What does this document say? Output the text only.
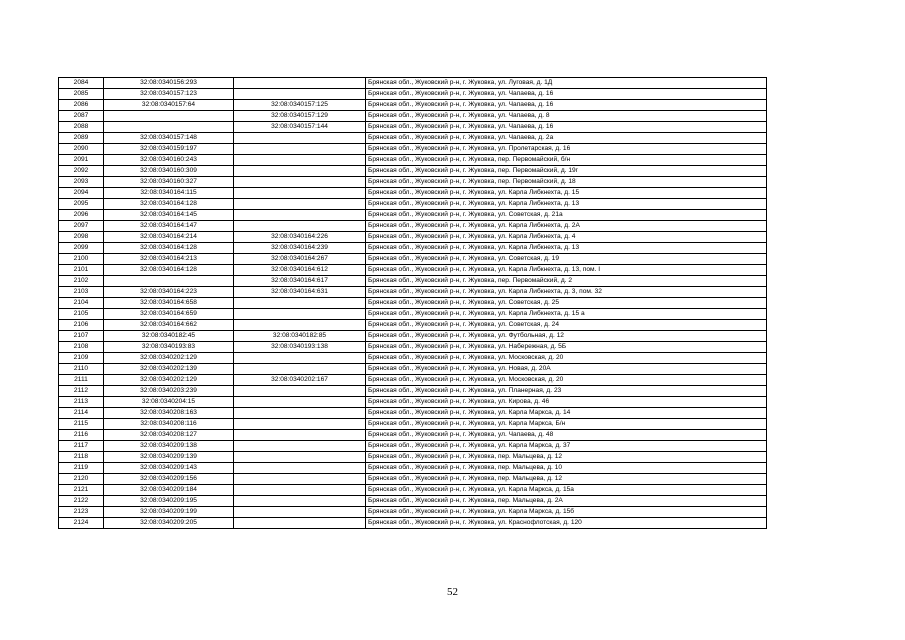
2084	32:08:0340156:293		Брянская обл., Жуковский р-н, г. Жуковка, ул. Луговая, д. 1Д
2085	32:08:0340157:123		Брянская обл., Жуковский р-н, г. Жуковка, ул. Чапаева, д. 16
2086	32:08:0340157:64	32:08:0340157:125	Брянская обл., Жуковский р-н, г. Жуковка, ул. Чапаева, д. 16
2087		32:08:0340157:129	Брянская обл., Жуковский р-н, г. Жуковка, ул. Чапаева, д. 8
2088		32:08:0340157:144	Брянская обл., Жуковский р-н, г. Жуковка, ул. Чапаева, д. 16
2089	32:08:0340157:148		Брянская обл., Жуковский р-н, г. Жуковка, ул. Чапаева, д. 2а
2090	32:08:0340159:197		Брянская обл., Жуковский р-н, г. Жуковка, ул. Пролетарская, д. 16
2091	32:08:0340160:243		Брянская обл., Жуковский р-н, г. Жуковка, пер. Первомайский, б/н
2092	32:08:0340160:309		Брянская обл., Жуковский р-н, г. Жуковка, пер. Первомайский, д. 19г
2093	32:08:0340160:327		Брянская обл., Жуковский р-н, г. Жуковка, пер. Первомайский, д. 18
2094	32:08:0340164:115		Брянская обл., Жуковский р-н, г. Жуковка, ул. Карла Либкнехта, д. 15
2095	32:08:0340164:128		Брянская обл., Жуковский р-н, г. Жуковка, ул. Карла Либкнехта, д. 13
2096	32:08:0340164:145		Брянская обл., Жуковский р-н, г. Жуковка, ул. Советская, д. 21а
2097	32:08:0340164:147		Брянская обл., Жуковский р-н, г. Жуковка, ул. Карла Либкнехта, д. 2А
2098	32:08:0340164:214	32:08:0340164:226	Брянская обл., Жуковский р-н, г. Жуковка, ул. Карла Либкнехта, д. 4
2099	32:08:0340164:128	32:08:0340164:239	Брянская обл., Жуковский р-н, г. Жуковка, ул. Карла Либкнехта, д. 13
2100	32:08:0340164:213	32:08:0340164:267	Брянская обл., Жуковский р-н, г. Жуковка, ул. Советская, д. 19
2101	32:08:0340164:128	32:08:0340164:612	Брянская обл., Жуковский р-н, г. Жуковка, ул. Карла Либкнехта, д. 13, пом. I
2102		32:08:0340164:617	Брянская обл., Жуковский р-н, г. Жуковка, пер. Первомайский, д. 2
2103	32:08:0340164:223	32:08:0340164:631	Брянская обл., Жуковский р-н, г. Жуковка, ул. Карла Либкнехта, д. 3, пом. 32
2104	32:08:0340164:658		Брянская обл., Жуковский р-н, г. Жуковка, ул. Советская, д. 25
2105	32:08:0340164:659		Брянская обл., Жуковский р-н, г. Жуковка, ул. Карла Либкнехта, д. 15 а
2106	32:08:0340164:662		Брянская обл., Жуковский р-н, г. Жуковка, ул. Советская, д. 24
2107	32:08:0340182:45	32:08:0340182:85	Брянская обл., Жуковский р-н, г. Жуковка, ул. Футбольная, д. 12
2108	32:08:0340193:83	32:08:0340193:138	Брянская обл., Жуковский р-н, г. Жуковка, ул. Набережная, д. 5Б
2109	32:08:0340202:129		Брянская обл., Жуковский р-н, г. Жуковка, ул. Московская, д. 20
2110	32:08:0340202:139		Брянская обл., Жуковский р-н, г. Жуковка, ул. Новая, д. 20А
2111	32:08:0340202:129	32:08:0340202:167	Брянская обл., Жуковский р-н, г. Жуковка, ул. Московская, д. 20
2112	32:08:0340203:239		Брянская обл., Жуковский р-н, г. Жуковка, ул. Планерная, д. 23
2113	32:08:0340204:15		Брянская обл., Жуковский р-н, г. Жуковка, ул. Кирова, д. 46
2114	32:08:0340208:163		Брянская обл., Жуковский р-н, г. Жуковка, ул. Карла Маркса, д. 14
2115	32:08:0340208:116		Брянская обл., Жуковский р-н, г. Жуковка, ул. Карла Маркса, Б/н
2116	32:08:0340208:127		Брянская обл., Жуковский р-н, г. Жуковка, ул. Чапаева, д. 48
2117	32:08:0340209:138		Брянская обл., Жуковский р-н, г. Жуковка, ул. Карла Маркса, д. 37
2118	32:08:0340209:139		Брянская обл., Жуковский р-н, г. Жуковка, пер. Мальцева, д. 12
2119	32:08:0340209:143		Брянская обл., Жуковский р-н, г. Жуковка, пер. Мальцева, д. 10
2120	32:08:0340209:156		Брянская обл., Жуковский р-н, г. Жуковка, пер. Мальцева, д. 12
2121	32:08:0340209:184		Брянская обл., Жуковский р-н, г. Жуковка, ул. Карла Маркса, д. 15а
2122	32:08:0340209:195		Брянская обл., Жуковский р-н, г. Жуковка, пер. Мальцева, д. 2А
2123	32:08:0340209:199		Брянская обл., Жуковский р-н, г. Жуковка, ул. Карла Маркса, д. 15б
2124	32:08:0340209:205		Брянская обл., Жуковский р-н, г. Жуковка, ул. Краснофлотская, д. 120
52
